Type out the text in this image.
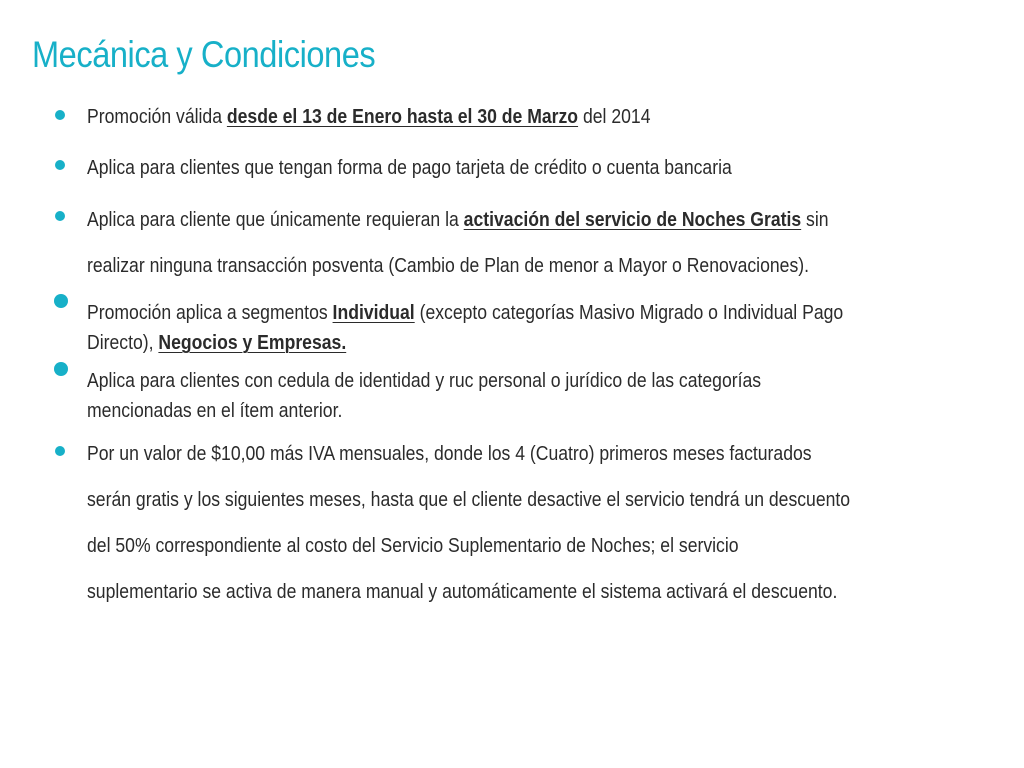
Mecánica y Condiciones
Promoción válida desde el 13 de Enero hasta el 30 de Marzo del 2014
Aplica para clientes que tengan forma de pago tarjeta de crédito o cuenta bancaria
Aplica para cliente que únicamente requieran la activación del servicio de Noches Gratis sin
realizar ninguna transacción posventa (Cambio de Plan de menor a Mayor o Renovaciones).
Promoción aplica a segmentos Individual (excepto categorías Masivo Migrado o Individual Pago
Directo), Negocios y Empresas.
Aplica para clientes con cedula de identidad y ruc personal o jurídico de las categorías
mencionadas en el ítem anterior.
Por un valor de $10,00 más IVA mensuales, donde los 4 (Cuatro) primeros meses facturados
serán gratis y los siguientes meses, hasta que el cliente desactive el servicio tendrá un descuento
del 50% correspondiente al costo del Servicio Suplementario de Noches; el servicio
suplementario se activa de manera manual y automáticamente el sistema activará el descuento.
